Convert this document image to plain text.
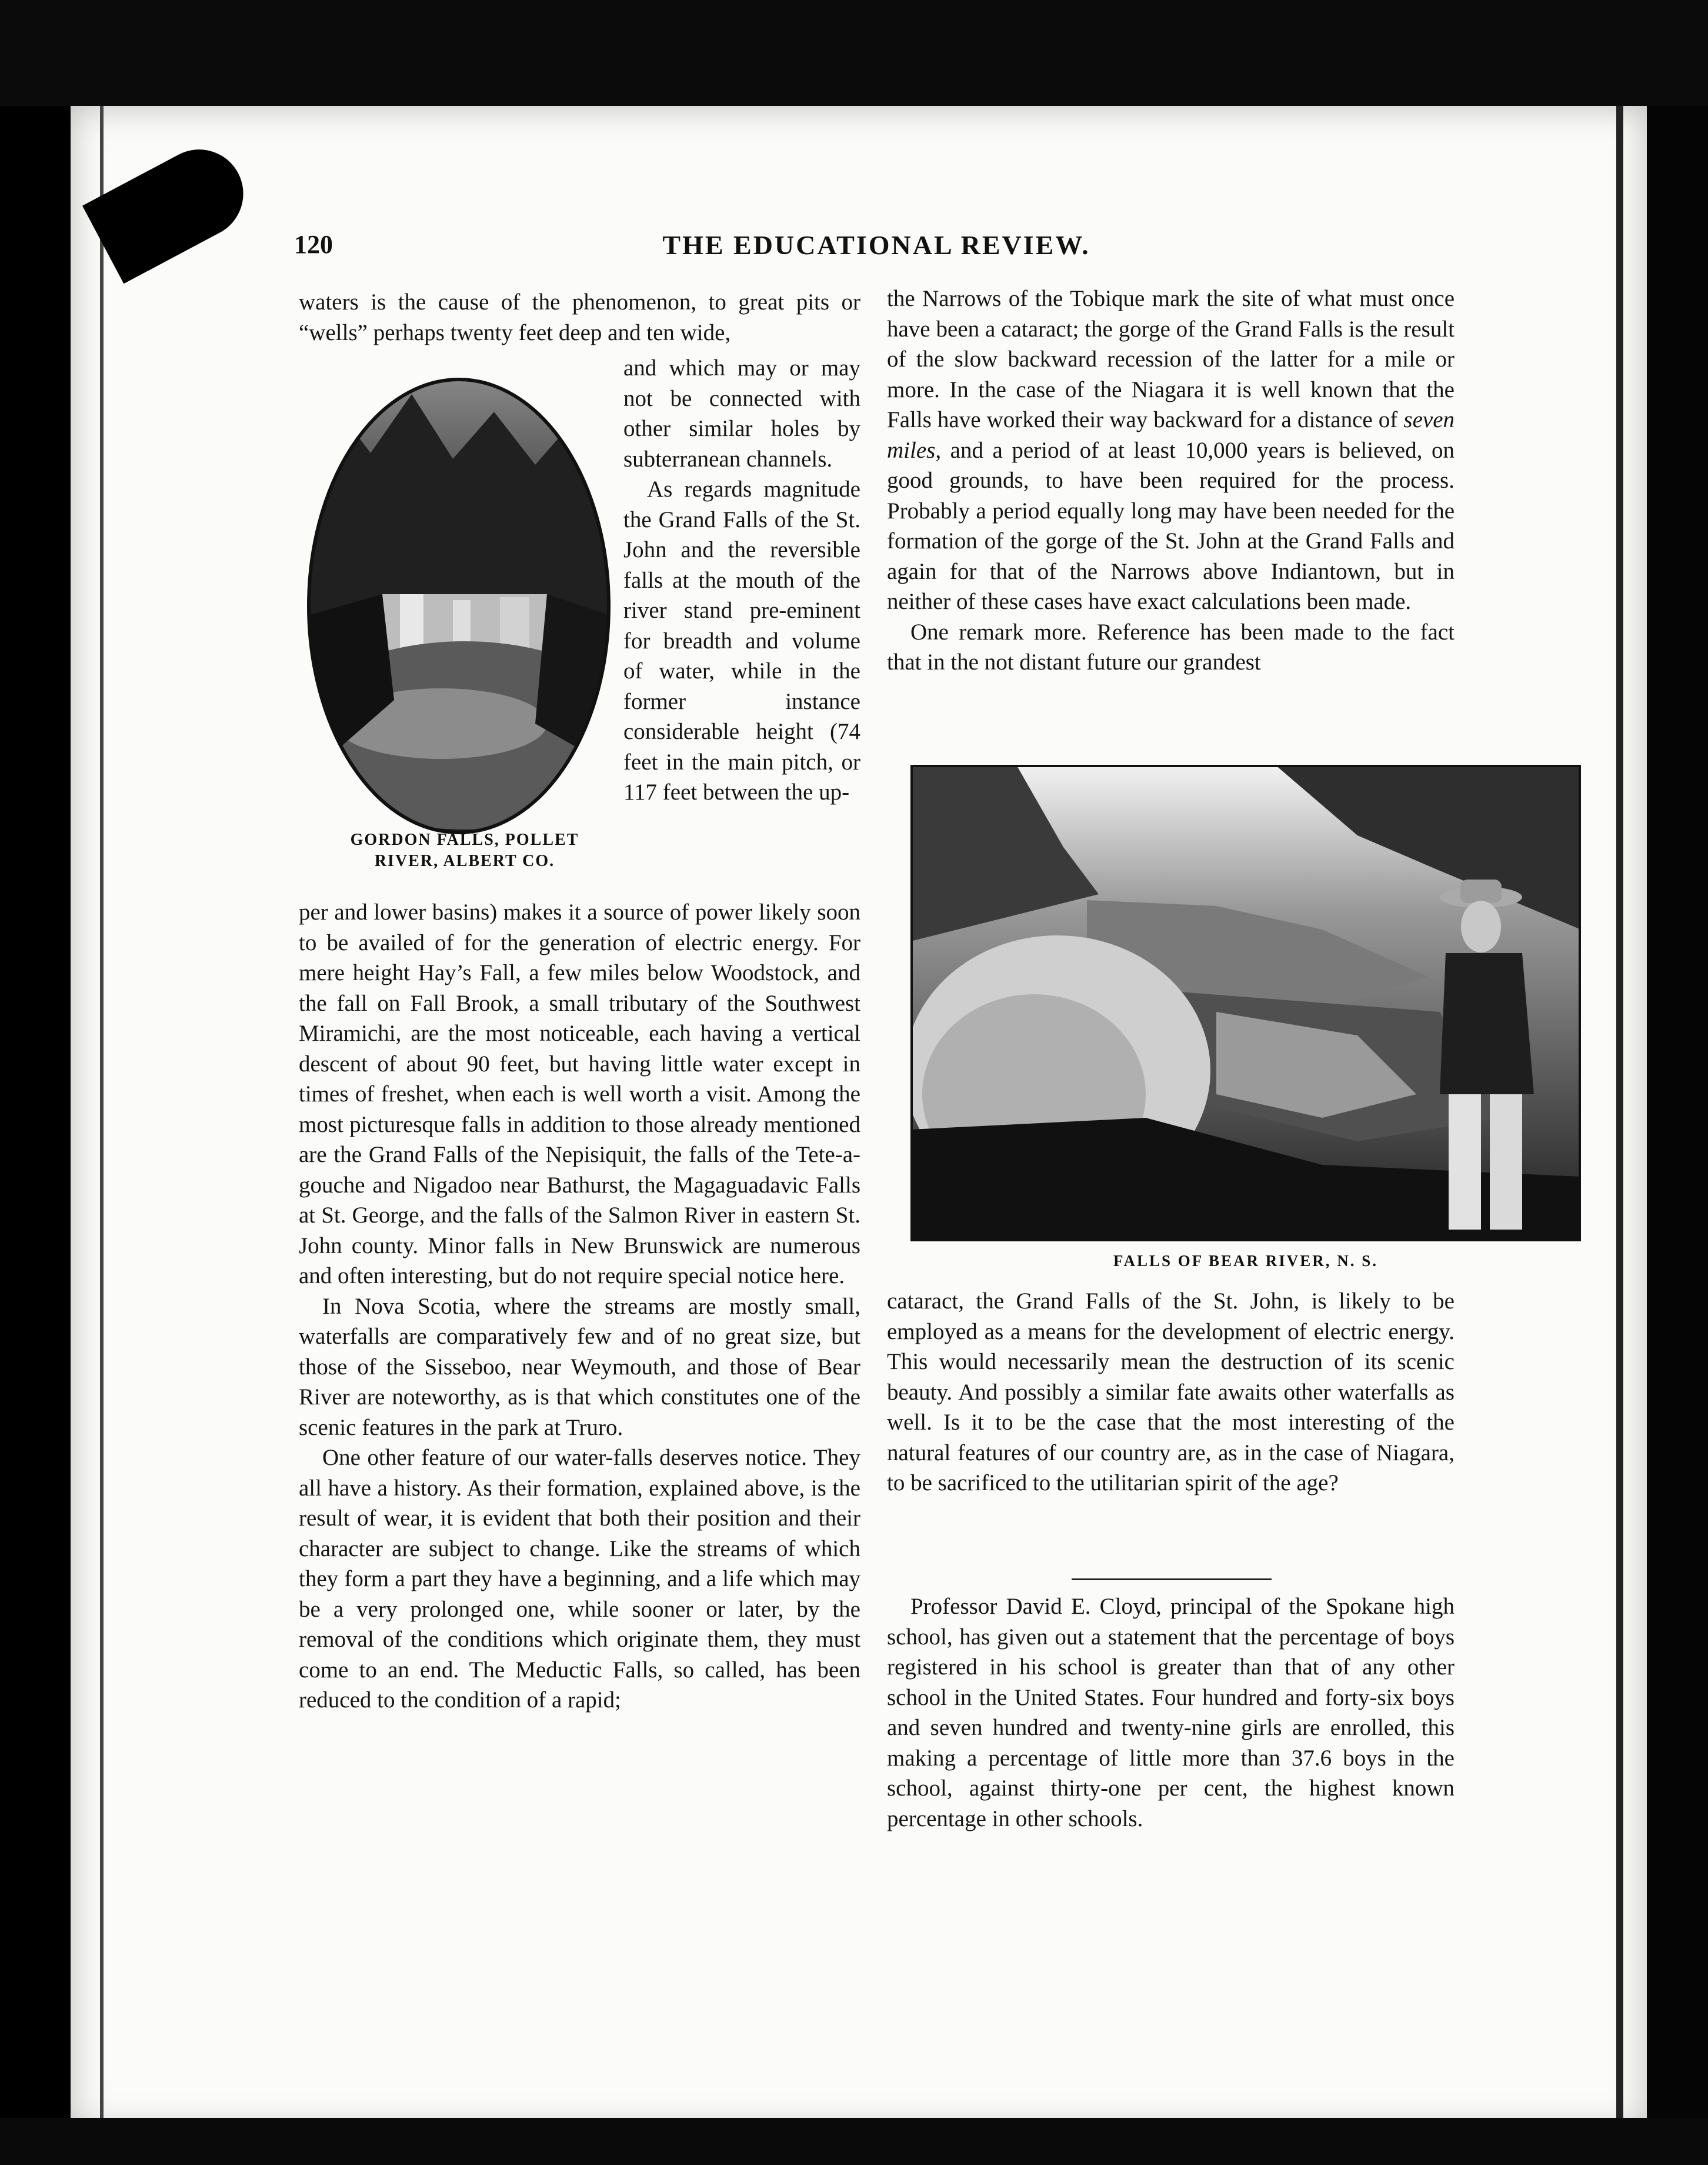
THE EDUCATIONAL REVIEW.
120

waters is the cause of the phenomenon, to great pits or “wells” perhaps twenty feet deep and ten wide,

and which may or may not be connected with other similar holes by subterranean channels.

As regards magnitude the Grand Falls of the St. John and the reversible falls at the mouth of the river stand pre-eminent for breadth and volume of water, while in the former instance considerable height (74 feet in the main pitch, or 117 feet between the up-

GORDON FALLS, POLLET
RIVER, ALBERT CO.

per and lower basins) makes it a source of power likely soon to be availed of for the generation of electric energy. For mere height Hay’s Fall, a few miles below Woodstock, and the fall on Fall Brook, a small tributary of the Southwest Miramichi, are the most noticeable, each having a vertical descent of about 90 feet, but having little water except in times of freshet, when each is well worth a visit. Among the most picturesque falls in addition to those already mentioned are the Grand Falls of the Nepisiquit, the falls of the Tete-a-gouche and Nigadoo near Bathurst, the Magaguadavic Falls at St. George, and the falls of the Salmon River in eastern St. John county. Minor falls in New Brunswick are numerous and often interesting, but do not require special notice here.

In Nova Scotia, where the streams are mostly small, waterfalls are comparatively few and of no great size, but those of the Sisseboo, near Weymouth, and those of Bear River are noteworthy, as is that which constitutes one of the scenic features in the park at Truro.

One other feature of our water-falls deserves notice. They all have a history. As their formation, explained above, is the result of wear, it is evident that both their position and their character are subject to change. Like the streams of which they form a part they have a beginning, and a life which may be a very prolonged one, while sooner or later, by the removal of the conditions which originate them, they must come to an end. The Meductic Falls, so called, has been reduced to the condition of a rapid;

the Narrows of the Tobique mark the site of what must once have been a cataract; the gorge of the Grand Falls is the result of the slow backward recession of the latter for a mile or more. In the case of the Niagara it is well known that the Falls have worked their way backward for a distance of seven miles, and a period of at least 10,000 years is believed, on good grounds, to have been required for the process. Probably a period equally long may have been needed for the formation of the gorge of the St. John at the Grand Falls and again for that of the Narrows above Indiantown, but in neither of these cases have exact calculations been made.

One remark more. Reference has been made to the fact that in the not distant future our grandest

FALLS OF BEAR RIVER, N. S.

cataract, the Grand Falls of the St. John, is likely to be employed as a means for the development of electric energy. This would necessarily mean the destruction of its scenic beauty. And possibly a similar fate awaits other waterfalls as well. Is it to be the case that the most interesting of the natural features of our country are, as in the case of Niagara, to be sacrificed to the utilitarian spirit of the age?

Professor David E. Cloyd, principal of the Spokane high school, has given out a statement that the percentage of boys registered in his school is greater than that of any other school in the United States. Four hundred and forty-six boys and seven hundred and twenty-nine girls are enrolled, this making a percentage of little more than 37.6 boys in the school, against thirty-one per cent, the highest known percentage in other schools.
